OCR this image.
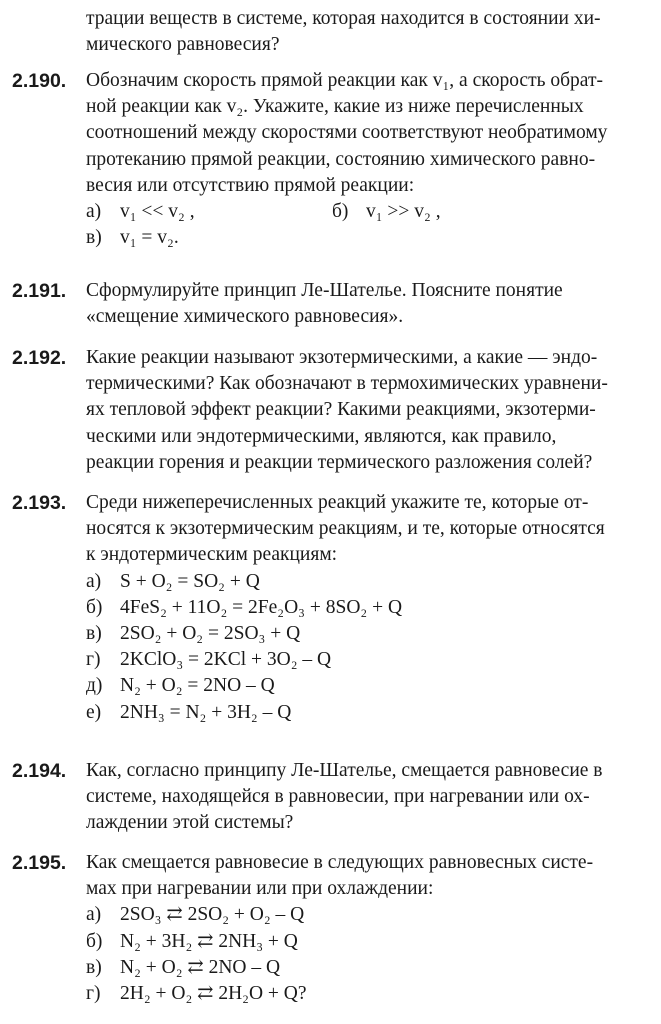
трации веществ в системе, которая находится в состоянии хи-
мического равновесия?
2.190. Обозначим скорость прямой реакции как v₁, а скорость обрат-
ной реакции как v₂. Укажите, какие из ниже перечисленных
соотношений между скоростями соответствуют необратимому
протеканию прямой реакции, состоянию химического равно-
весия или отсутствию прямой реакции:
а) v₁ << v₂ ,	б) v₁ >> v₂ ,
в) v₁ = v₂.
2.191. Сформулируйте принцип Ле-Шателье. Поясните понятие
«смещение химического равновесия».
2.192. Какие реакции называют экзотермическими, а какие — эндо-
термическими? Как обозначают в термохимических уравнени-
ях тепловой эффект реакции? Какими реакциями, экзотерми-
ческими или эндотермическими, являются, как правило,
реакции горения и реакции термического разложения солей?
2.193. Среди нижеперечисленных реакций укажите те, которые от-
носятся к экзотермическим реакциям, и те, которые относятся
к эндотермическим реакциям:
а) S + O₂ = SO₂ + Q
б) 4FeS₂ + 11O₂ = 2Fe₂O₃ + 8SO₂ + Q
в) 2SO₂ + O₂ = 2SO₃ + Q
г)	2KClO₃ = 2KCl + 3O₂ – Q
д) N₂ + O₂ = 2NO – Q
е) 2NH₃ = N₂ + 3H₂ – Q
2.194. Как, согласно принципу Ле-Шателье, смещается равновесие в
системе, находящейся в равновесии, при нагревании или ох-
лаждении этой системы?
2.195. Как смещается равновесие в следующих равновесных систе-
мах при нагревании или при охлаждении:
а) 2SO₃ ⇄ 2SO₂ + O₂ – Q
б) N₂ + 3H₂ ⇄ 2NH₃ + Q
в) N₂ + O₂ ⇄ 2NO – Q
г)	2H₂ + O₂ ⇄ 2H₂O + Q?
